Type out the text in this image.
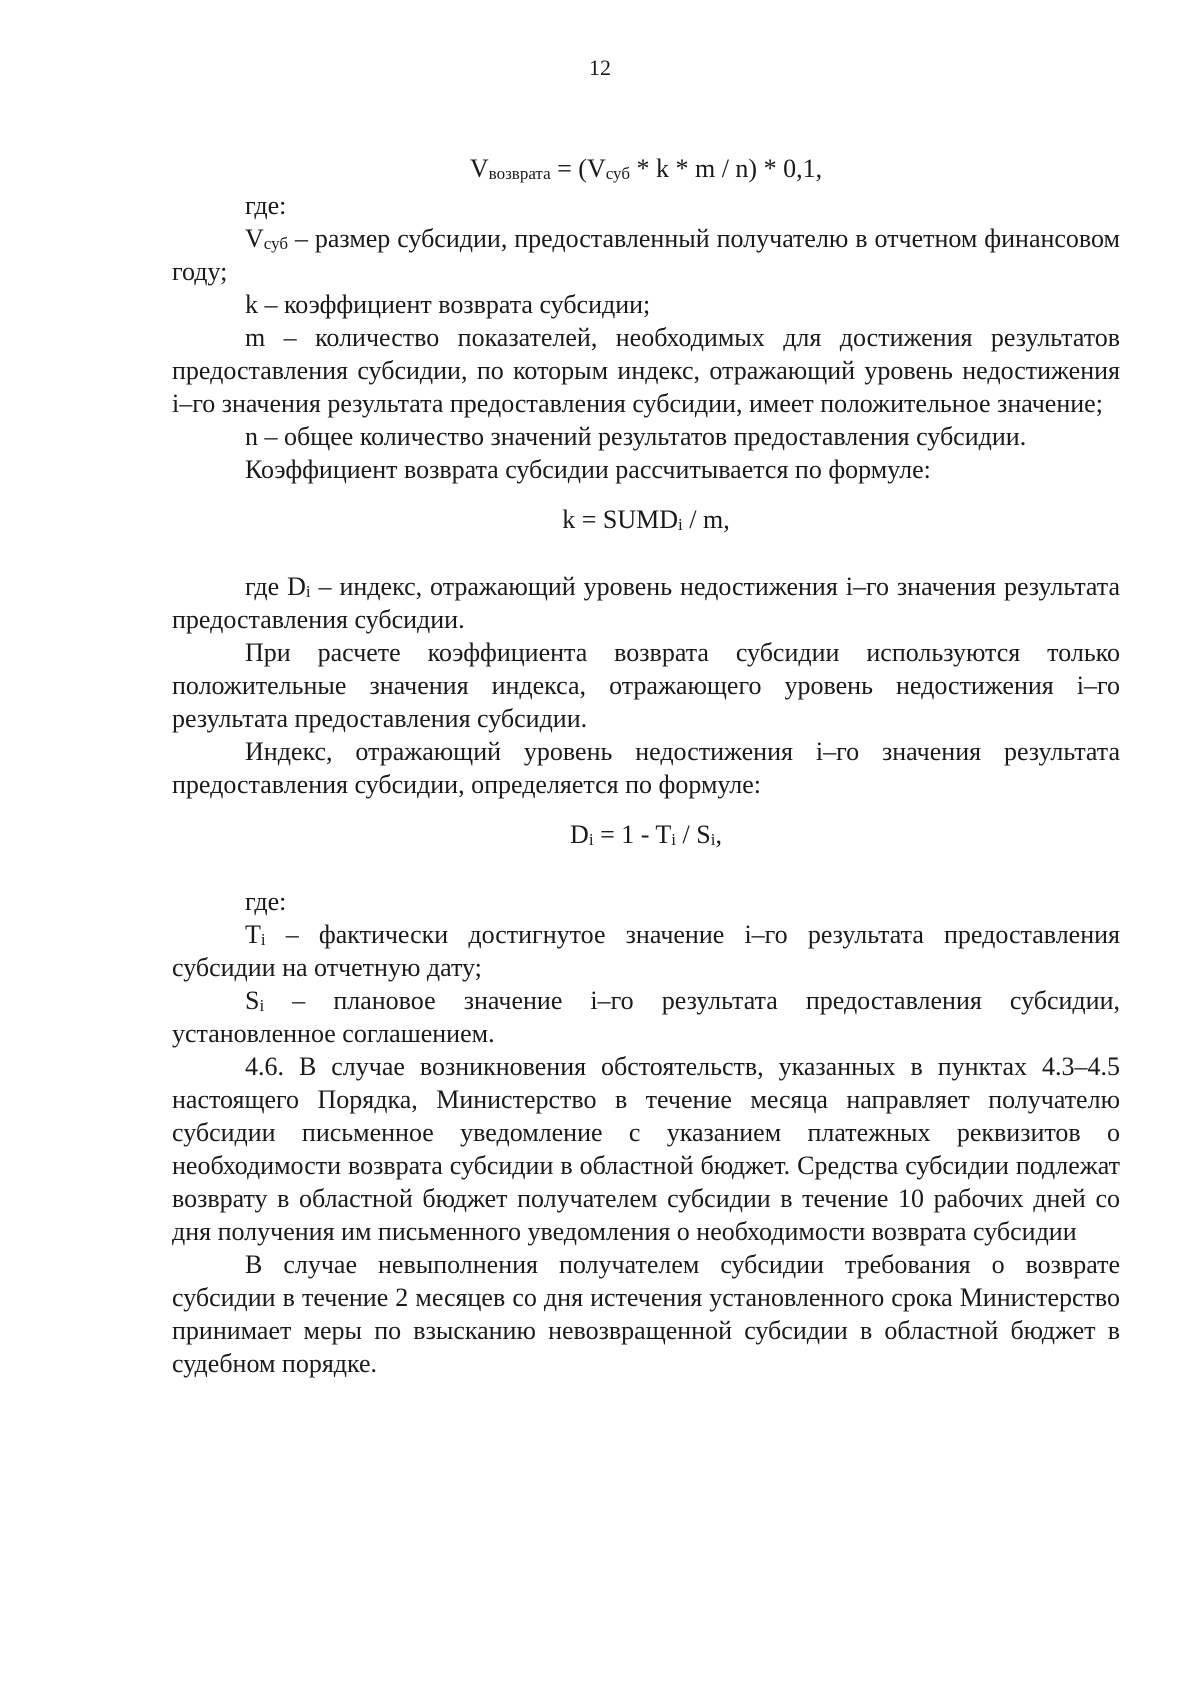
12

$V_{возврата} = (V_{суб} * k * m / n) * 0,1$,

где:

$V_{суб}$ – размер субсидии, предоставленный получателю в отчетном финансовом году;

k – коэффициент возврата субсидии;

m – количество показателей, необходимых для достижения результатов предоставления субсидии, по которым индекс, отражающий уровень недостижения i–го значения результата предоставления субсидии, имеет положительное значение;

n – общее количество значений результатов предоставления субсидии.

Коэффициент возврата субсидии рассчитывается по формуле:

$k = SUMD_i / m$,

где $D_i$ – индекс, отражающий уровень недостижения i–го значения результата предоставления субсидии.

При расчете коэффициента возврата субсидии используются только положительные значения индекса, отражающего уровень недостижения i–го результата предоставления субсидии.

Индекс, отражающий уровень недостижения i–го значения результата предоставления субсидии, определяется по формуле:

$D_i = 1 - T_i / S_i$,

где:

$T_i$ – фактически достигнутое значение i–го результата предоставления субсидии на отчетную дату;

$S_i$ – плановое значение i–го результата предоставления субсидии, установленное соглашением.

4.6. В случае возникновения обстоятельств, указанных в пунктах 4.3–4.5 настоящего Порядка, Министерство в течение месяца направляет получателю субсидии письменное уведомление с указанием платежных реквизитов о необходимости возврата субсидии в областной бюджет. Средства субсидии подлежат возврату в областной бюджет получателем субсидии в течение 10 рабочих дней со дня получения им письменного уведомления о необходимости возврата субсидии

В случае невыполнения получателем субсидии требования о возврате субсидии в течение 2 месяцев со дня истечения установленного срока Министерство принимает меры по взысканию невозвращенной субсидии в областной бюджет в судебном порядке.
